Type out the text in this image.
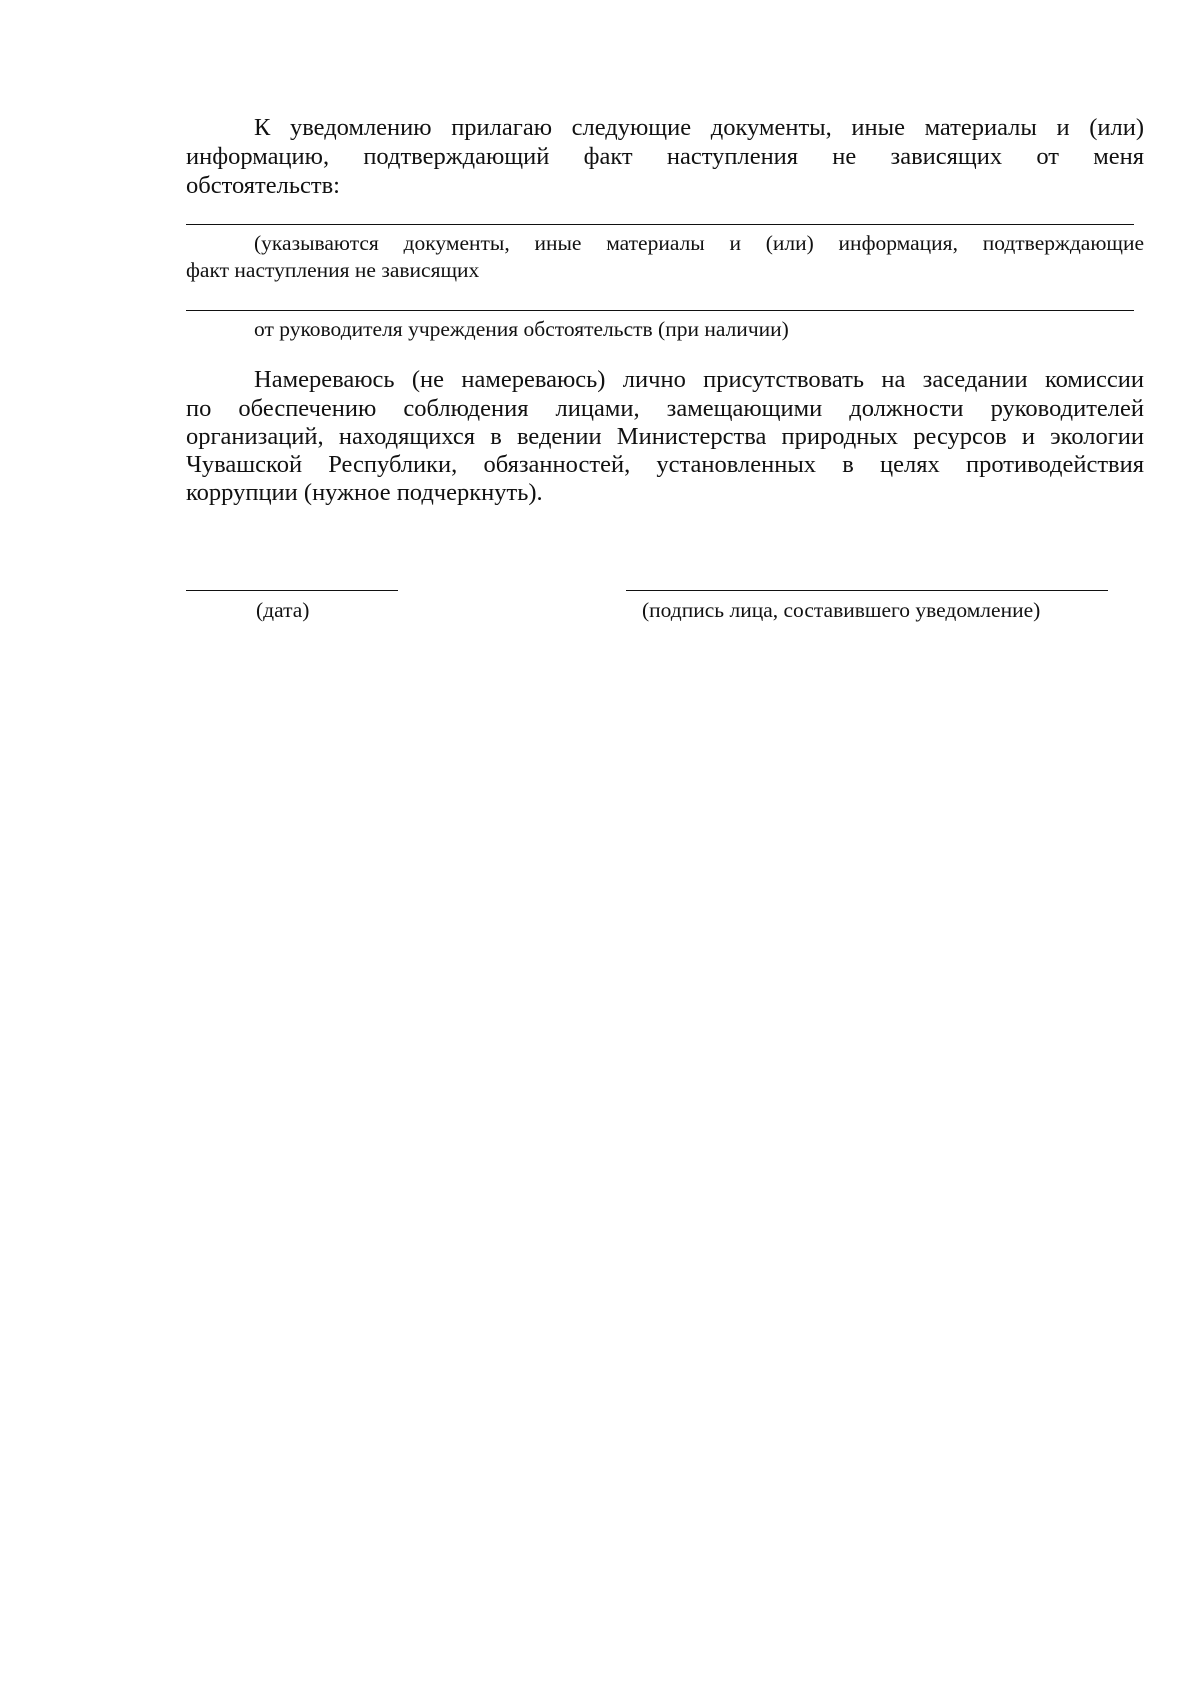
К уведомлению прилагаю следующие документы, иные материалы и (или)
информацию, подтверждающий факт наступления не зависящих от меня
обстоятельств:
(указываются документы, иные материалы и (или) информация, подтверждающие
факт наступления не зависящих
от руководителя учреждения обстоятельств (при наличии)
Намереваюсь (не намереваюсь) лично присутствовать на заседании комиссии
по обеспечению соблюдения лицами, замещающими должности руководителей
организаций, находящихся в ведении Министерства природных ресурсов и экологии
Чувашской Республики, обязанностей, установленных в целях противодействия
коррупции (нужное подчеркнуть).
(дата)	(подпись лица, составившего уведомление)
